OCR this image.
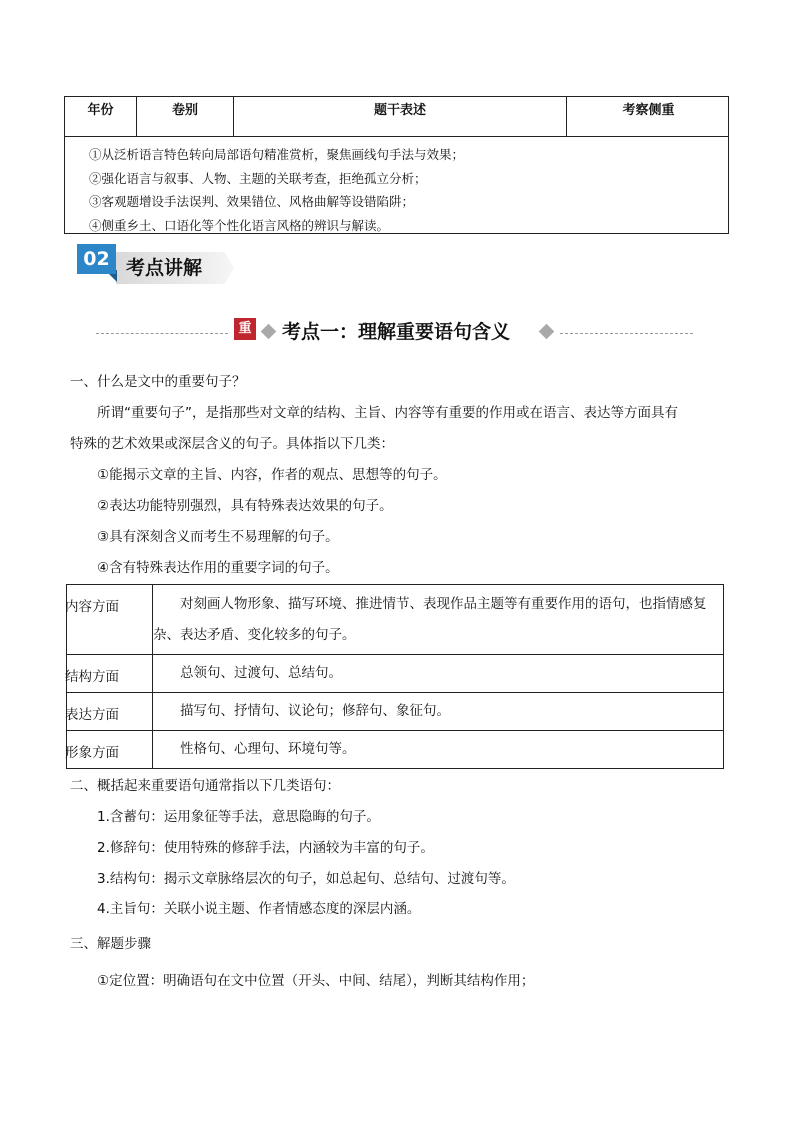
年份	卷别	题干表述	考察侧重
①从泛析语言特色转向局部语句精准赏析，聚焦画线句手法与效果；
②强化语言与叙事、人物、主题的关联考查，拒绝孤立分析；
③客观题增设手法误判、效果错位、风格曲解等设错陷阱；
④侧重乡土、口语化等个性化语言风格的辨识与解读。
02 考点讲解
重 考点一：理解重要语句含义
一、什么是文中的重要句子？
所谓“重要句子”，是指那些对文章的结构、主旨、内容等有重要的作用或在语言、表达等方面具有
特殊的艺术效果或深层含义的句子。具体指以下几类：
①能揭示文章的主旨、内容，作者的观点、思想等的句子。
②表达功能特别强烈，具有特殊表达效果的句子。
③具有深刻含义而考生不易理解的句子。
④含有特殊表达作用的重要字词的句子。
内容方面	对刻画人物形象、描写环境、推进情节、表现作品主题等有重要作用的语句，也指情感复杂、表达矛盾、变化较多的句子。
结构方面	总领句、过渡句、总结句。
表达方面	描写句、抒情句、议论句；修辞句、象征句。
形象方面	性格句、心理句、环境句等。
二、概括起来重要语句通常指以下几类语句：
1.含蓄句：运用象征等手法，意思隐晦的句子。
2.修辞句：使用特殊的修辞手法，内涵较为丰富的句子。
3.结构句：揭示文章脉络层次的句子，如总起句、总结句、过渡句等。
4.主旨句：关联小说主题、作者情感态度的深层内涵。
三、解题步骤
①定位置：明确语句在文中位置（开头、中间、结尾），判断其结构作用；
